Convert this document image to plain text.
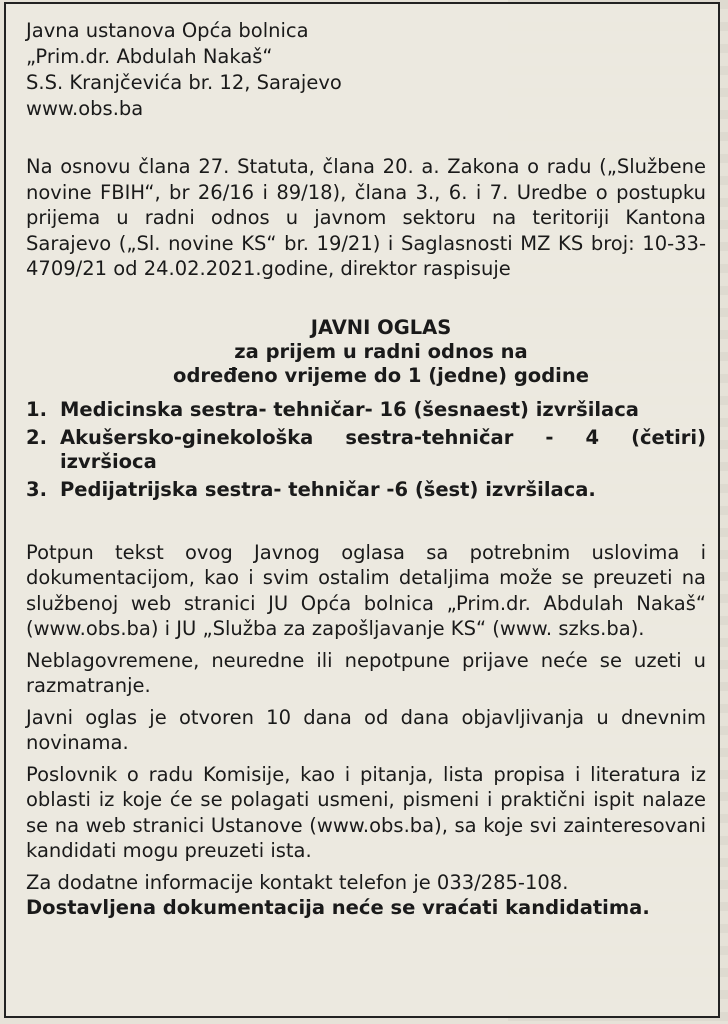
Javna ustanova Opća bolnica
„Prim.dr. Abdulah Nakaš“
S.S. Kranjčevića br. 12, Sarajevo
www.obs.ba
Na osnovu člana 27. Statuta, člana 20. a. Zakona o radu („Službene novine FBIH“, br 26/16 i 89/18), člana 3., 6. i 7. Uredbe o postupku prijema u radni odnos u javnom sektoru na teritoriji Kantona Sarajevo („Sl. novine KS“ br. 19/21) i Saglasnosti MZ KS broj: 10-33-4709/21 od 24.02.2021.godine, direktor raspisuje
JAVNI OGLAS
za prijem u radni odnos na
određeno vrijeme do 1 (jedne) godine
1. Medicinska sestra- tehničar- 16 (šesnaest) izvršilaca
2. Akušersko-ginekološka sestra-tehničar - 4 (četiri) izvršioca
3. Pedijatrijska sestra- tehničar -6 (šest) izvršilaca.

Potpun tekst ovog Javnog oglasa sa potrebnim uslovima i dokumentacijom, kao i svim ostalim detaljima može se preuzeti na službenoj web stranici JU Opća bolnica „Prim.dr. Abdulah Nakaš“ (www.obs.ba) i JU „Služba za zapošljavanje KS“ (www. szks.ba).

Neblagovremene, neuredne ili nepotpune prijave neće se uzeti u razmatranje.

Javni oglas je otvoren 10 dana od dana objavljivanja u dnevnim novinama.

Poslovnik o radu Komisije, kao i pitanja, lista propisa i literatura iz oblasti iz koje će se polagati usmeni, pismeni i praktični ispit nalaze se na web stranici Ustanove (www.obs.ba), sa koje svi zainteresovani kandidati mogu preuzeti ista.

Za dodatne informacije kontakt telefon je 033/285-108.

Dostavljena dokumentacija neće se vraćati kandidatima.
